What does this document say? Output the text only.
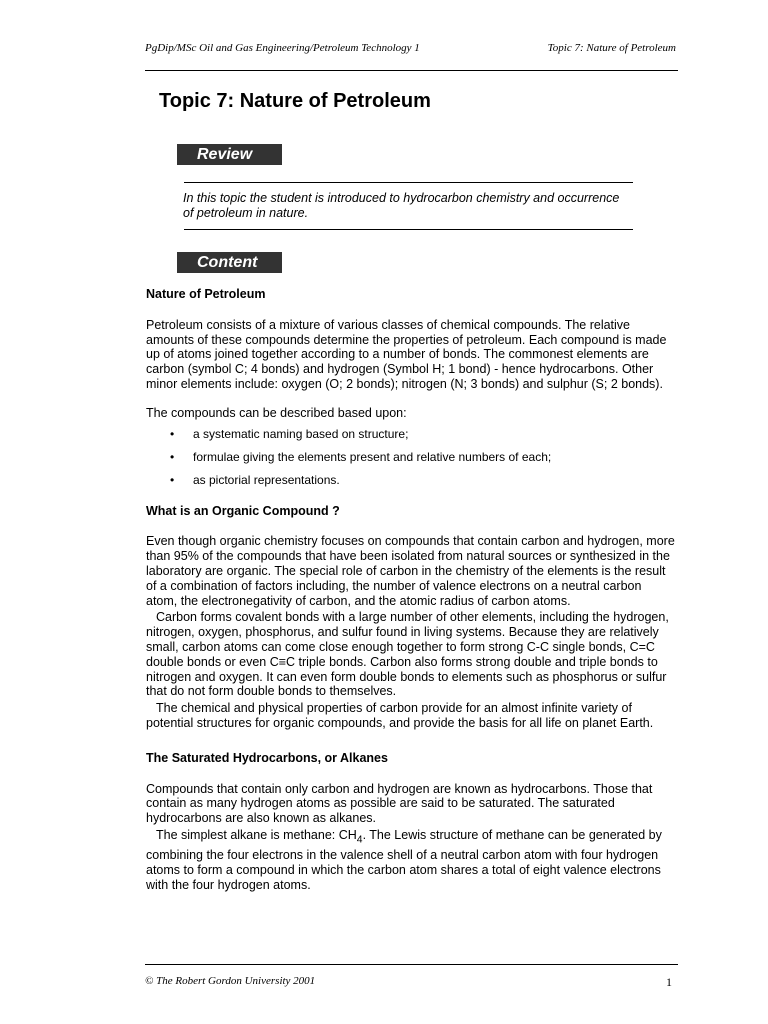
PgDip/MSc Oil and Gas Engineering/Petroleum Technology 1	Topic 7: Nature of Petroleum
Topic 7: Nature of Petroleum
Review

In this topic the student is introduced to hydrocarbon chemistry and occurrence of petroleum in nature.

Content
Nature of Petroleum

Petroleum consists of a mixture of various classes of chemical compounds. The relative amounts of these compounds determine the properties of petroleum. Each compound is made up of atoms joined together according to a number of bonds. The commonest elements are carbon (symbol C; 4 bonds) and hydrogen (Symbol H; 1 bond) - hence hydrocarbons. Other minor elements include: oxygen (O; 2 bonds); nitrogen (N; 3 bonds) and sulphur (S; 2 bonds).

The compounds can be described based upon:

• a systematic naming based on structure;
• formulae giving the elements present and relative numbers of each;
• as pictorial representations.
What is an Organic Compound ?

Even though organic chemistry focuses on compounds that contain carbon and hydrogen, more than 95% of the compounds that have been isolated from natural sources or synthesized in the laboratory are organic. The special role of carbon in the chemistry of the elements is the result of a combination of factors including, the number of valence electrons on a neutral carbon atom, the electronegativity of carbon, and the atomic radius of carbon atoms.

Carbon forms covalent bonds with a large number of other elements, including the hydrogen, nitrogen, oxygen, phosphorus, and sulfur found in living systems. Because they are relatively small, carbon atoms can come close enough together to form strong C-C single bonds, C=C double bonds or even C≡C triple bonds. Carbon also forms strong double and triple bonds to nitrogen and oxygen. It can even form double bonds to elements such as phosphorus or sulfur that do not form double bonds to themselves.

The chemical and physical properties of carbon provide for an almost infinite variety of potential structures for organic compounds, and provide the basis for all life on planet Earth.

The Saturated Hydrocarbons, or Alkanes

Compounds that contain only carbon and hydrogen are known as hydrocarbons. Those that contain as many hydrogen atoms as possible are said to be saturated. The saturated hydrocarbons are also known as alkanes.

The simplest alkane is methane: $CH_4$. The Lewis structure of methane can be generated by combining the four electrons in the valence shell of a neutral carbon atom with four hydrogen atoms to form a compound in which the carbon atom shares a total of eight valence electrons with the four hydrogen atoms.

© The Robert Gordon University 2001	1
